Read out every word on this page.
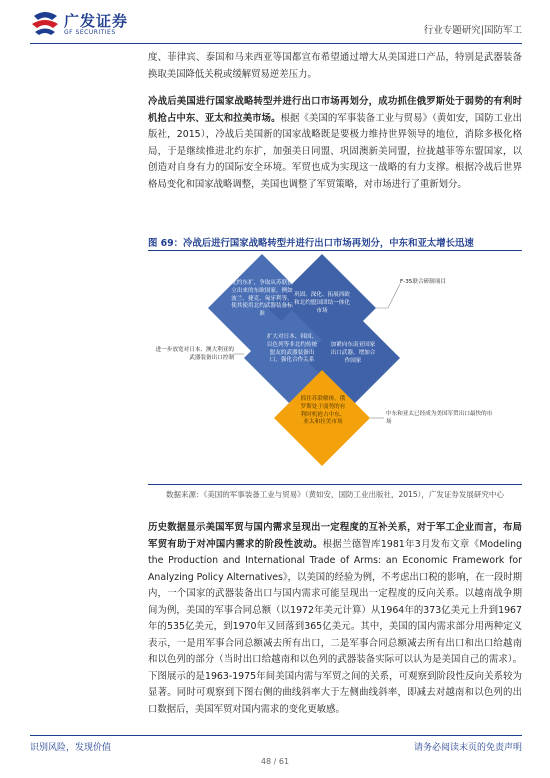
广发证券
GF SECURITIES	行业专题研究|国防军工
度、菲律宾、泰国和马来西亚等国都宣布希望通过增大从美国进口产品，特别是武器装备换取美国降低关税或缓解贸易逆差压力。
冷战后美国进行国家战略转型并进行出口市场再划分，成功抓住俄罗斯处于弱势的有利时机抢占中东、亚太和拉美市场。根据《美国的军事装备工业与贸易》（黄如安，国防工业出版社，2015），冷战后美国新的国家战略既是要极力维持世界领导的地位，消除多极化格局，于是继续推进北约东扩，加强美日同盟、巩固澳新美同盟，拉拢越菲等东盟国家，以创造对自身有力的国际安全环境。军贸也成为实现这一战略的有力支撑。根据冷战后世界格局变化和国家战略调整，美国也调整了军贸策略，对市场进行了重新划分。
图 69：冷战后进行国家战略转型并进行出口市场再划分，中东和亚太增长迅速
北约东扩，争取从苏联独立出来的东欧国家，例如波兰、捷克、匈牙利等，使其使用北约武器装备标准
巩固、深化、拓展西欧和北约盟国团结一体化市场
扩大对日本、韩国、以色列等非北约传统盟友的武器装备出口，强化合作关系
加紧向东南亚国家出口武器，增加合作国家
抓住苏联解体，俄罗斯处于弱势的有利时机抢占中东、亚太和拉美市场
F-35联合研制项目
进一步放宽对日本、澳大利亚的武器装备出口控制
中东和亚太已经成为美国军贸出口最快的市场
数据来源：《美国的军事装备工业与贸易》（黄如安，国防工业出版社，2015），广发证券发展研究中心
历史数据显示美国军贸与国内需求呈现出一定程度的互补关系，对于军工企业而言，布局军贸有助于对冲国内需求的阶段性波动。根据兰德智库1981年3月发布文章《Modeling the Production and International Trade of Arms: an Economic Framework for Analyzing Policy Alternatives》，以美国的经验为例，不考虑出口税的影响，在一段时期内，一个国家的武器装备出口与国内需求可能呈现出一定程度的反向关系。以越南战争期间为例，美国的军事合同总额（以1972年美元计算）从1964年的373亿美元上升到1967年的535亿美元，到1970年又回落到365亿美元。其中，美国的国内需求部分用两种定义表示，一是用军事合同总额减去所有出口，二是军事合同总额减去所有出口和出口给越南和以色列的部分（当时出口给越南和以色列的武器装备实际可以认为是美国自己的需求）。下图展示的是1963-1975年间美国内需与军贸之间的关系，可观察到阶段性反向关系较为显著。同时可观察到下图右侧的曲线斜率大于左侧曲线斜率，即减去对越南和以色列的出口数据后，美国军贸对国内需求的变化更敏感。
识别风险，发现价值	请务必阅读末页的免责声明
48 / 61
